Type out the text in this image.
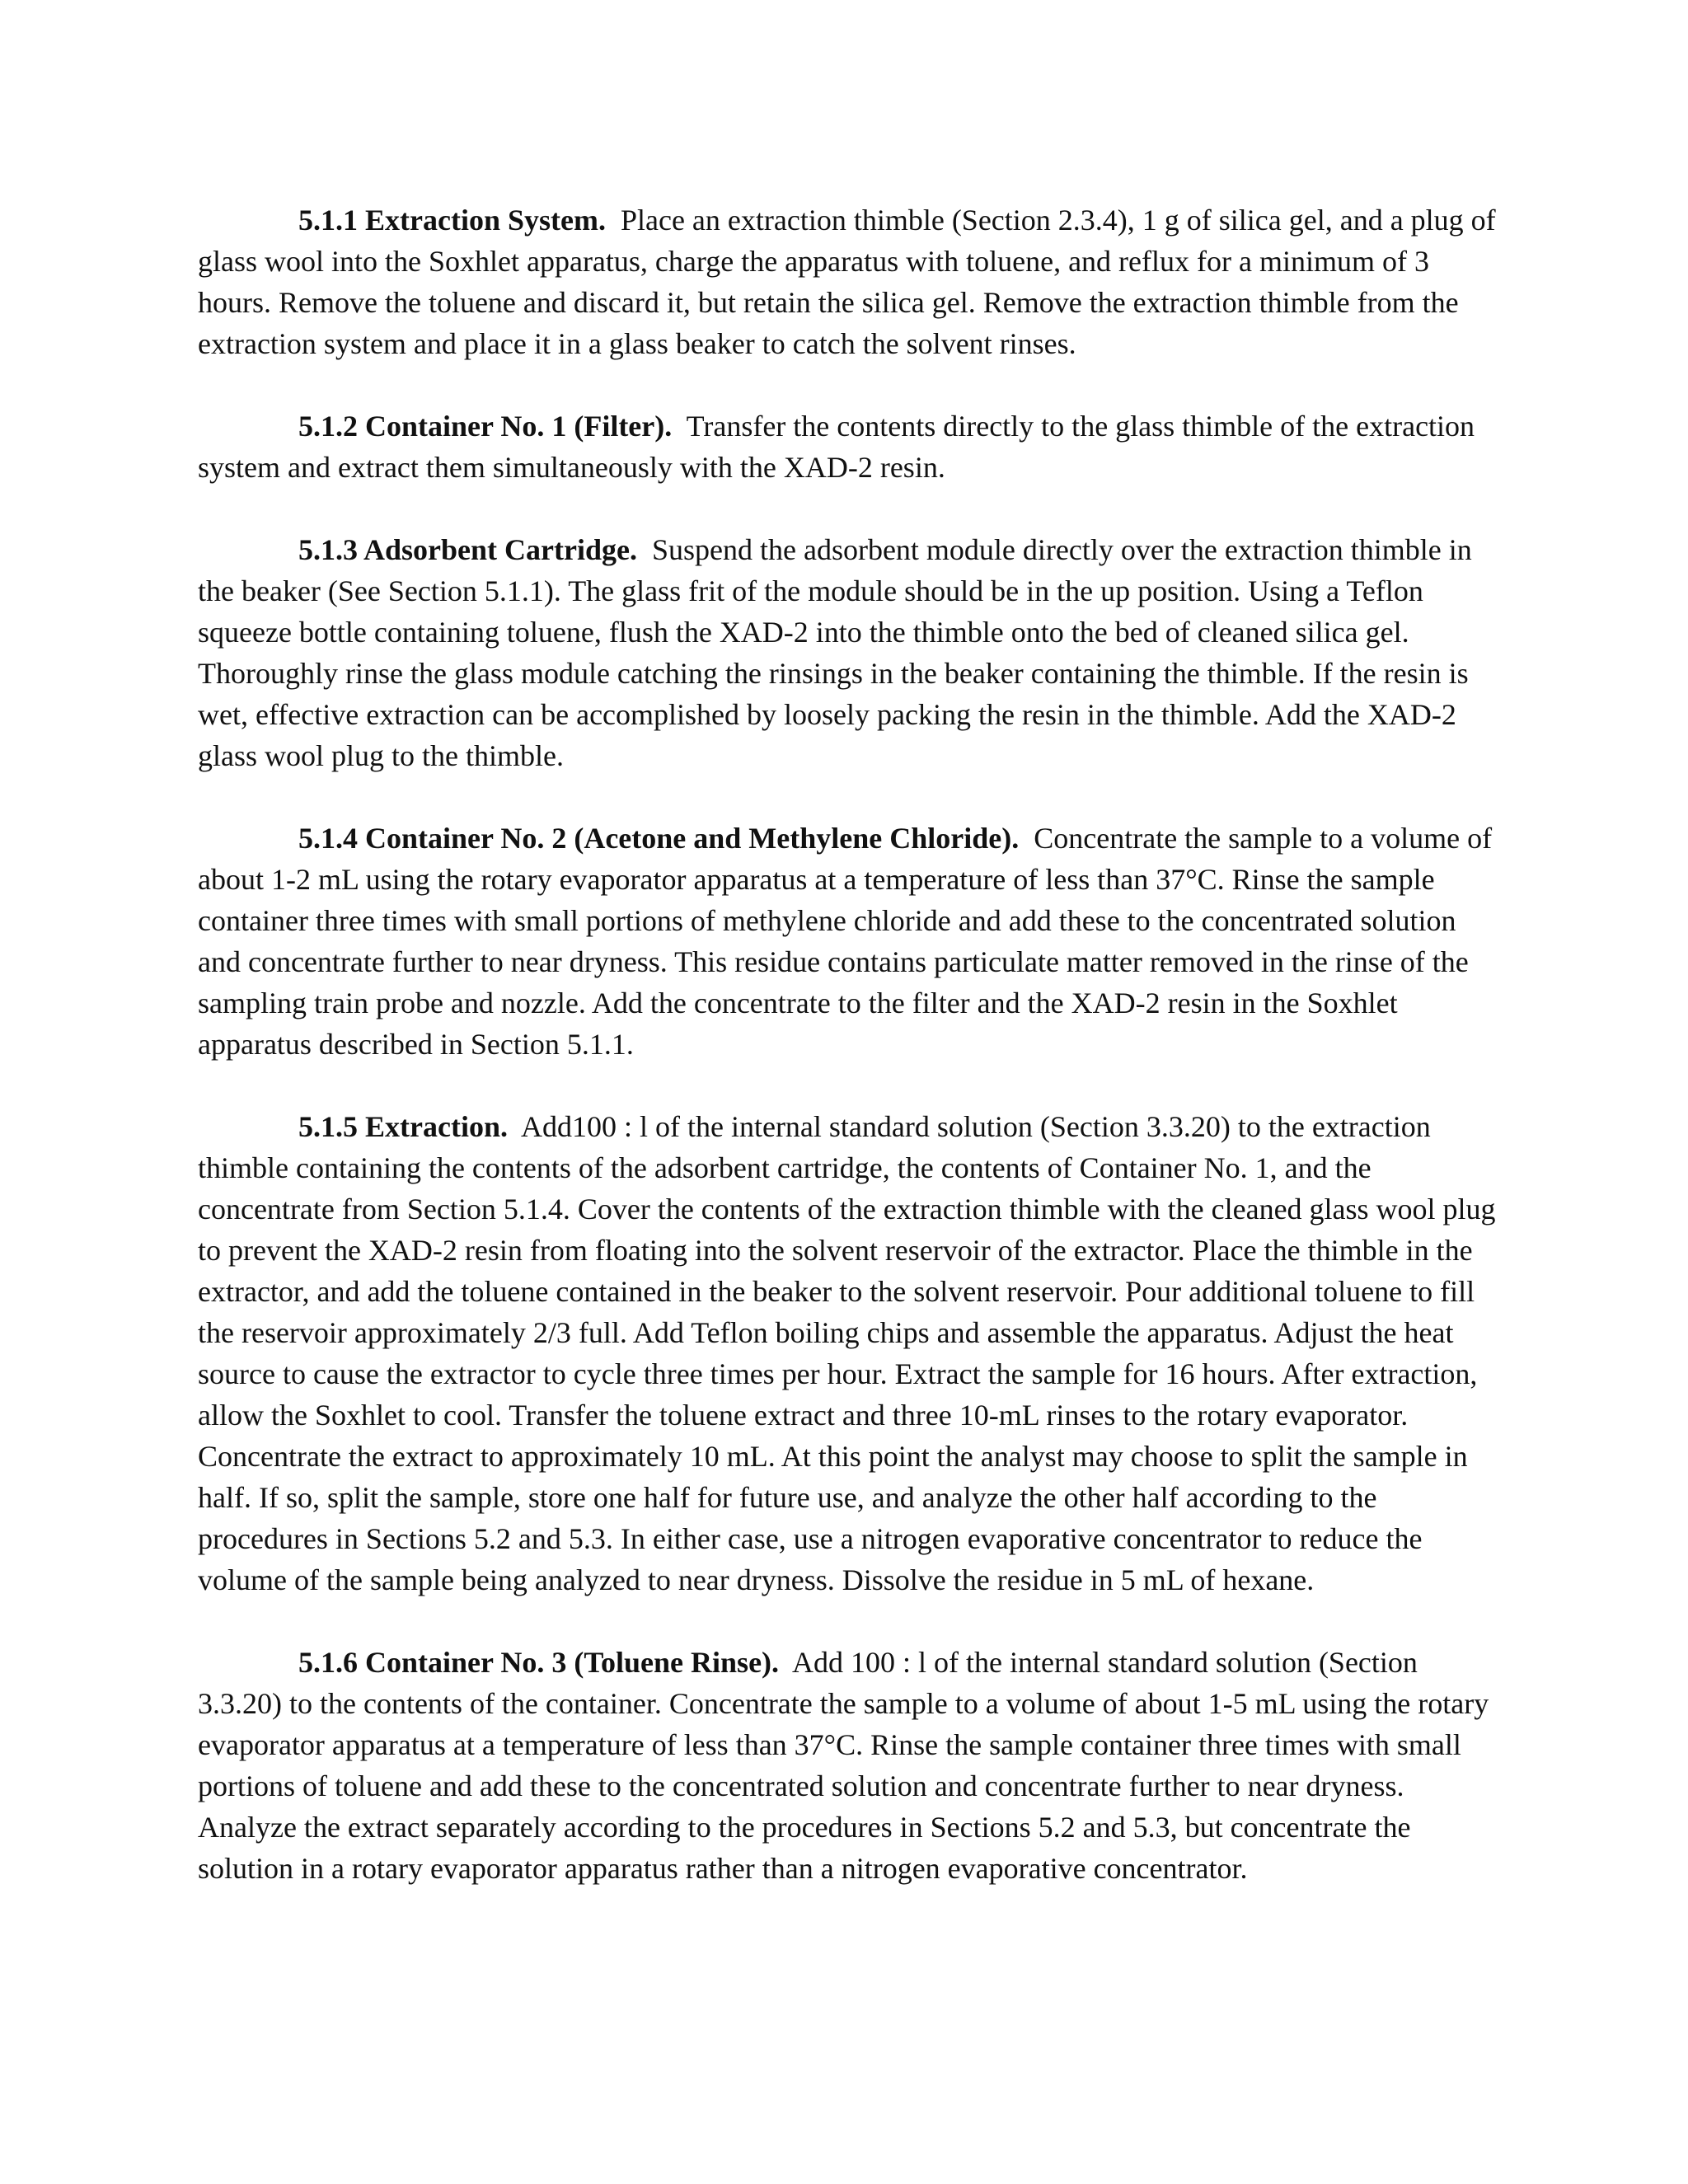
5.1.1 Extraction System. Place an extraction thimble (Section 2.3.4), 1 g of silica gel, and a plug of glass wool into the Soxhlet apparatus, charge the apparatus with toluene, and reflux for a minimum of 3 hours. Remove the toluene and discard it, but retain the silica gel. Remove the extraction thimble from the extraction system and place it in a glass beaker to catch the solvent rinses.

5.1.2 Container No. 1 (Filter). Transfer the contents directly to the glass thimble of the extraction system and extract them simultaneously with the XAD-2 resin.

5.1.3 Adsorbent Cartridge. Suspend the adsorbent module directly over the extraction thimble in the beaker (See Section 5.1.1). The glass frit of the module should be in the up position. Using a Teflon squeeze bottle containing toluene, flush the XAD-2 into the thimble onto the bed of cleaned silica gel. Thoroughly rinse the glass module catching the rinsings in the beaker containing the thimble. If the resin is wet, effective extraction can be accomplished by loosely packing the resin in the thimble. Add the XAD-2 glass wool plug to the thimble.

5.1.4 Container No. 2 (Acetone and Methylene Chloride). Concentrate the sample to a volume of about 1-2 mL using the rotary evaporator apparatus at a temperature of less than 37°C. Rinse the sample container three times with small portions of methylene chloride and add these to the concentrated solution and concentrate further to near dryness. This residue contains particulate matter removed in the rinse of the sampling train probe and nozzle. Add the concentrate to the filter and the XAD-2 resin in the Soxhlet apparatus described in Section 5.1.1.

5.1.5 Extraction. Add100 : l of the internal standard solution (Section 3.3.20) to the extraction thimble containing the contents of the adsorbent cartridge, the contents of Container No. 1, and the concentrate from Section 5.1.4. Cover the contents of the extraction thimble with the cleaned glass wool plug to prevent the XAD-2 resin from floating into the solvent reservoir of the extractor. Place the thimble in the extractor, and add the toluene contained in the beaker to the solvent reservoir. Pour additional toluene to fill the reservoir approximately 2/3 full. Add Teflon boiling chips and assemble the apparatus. Adjust the heat source to cause the extractor to cycle three times per hour. Extract the sample for 16 hours. After extraction, allow the Soxhlet to cool. Transfer the toluene extract and three 10-mL rinses to the rotary evaporator. Concentrate the extract to approximately 10 mL. At this point the analyst may choose to split the sample in half. If so, split the sample, store one half for future use, and analyze the other half according to the procedures in Sections 5.2 and 5.3. In either case, use a nitrogen evaporative concentrator to reduce the volume of the sample being analyzed to near dryness. Dissolve the residue in 5 mL of hexane.

5.1.6 Container No. 3 (Toluene Rinse). Add 100 : l of the internal standard solution (Section 3.3.20) to the contents of the container. Concentrate the sample to a volume of about 1-5 mL using the rotary evaporator apparatus at a temperature of less than 37°C. Rinse the sample container three times with small portions of toluene and add these to the concentrated solution and concentrate further to near dryness. Analyze the extract separately according to the procedures in Sections 5.2 and 5.3, but concentrate the solution in a rotary evaporator apparatus rather than a nitrogen evaporative concentrator.
